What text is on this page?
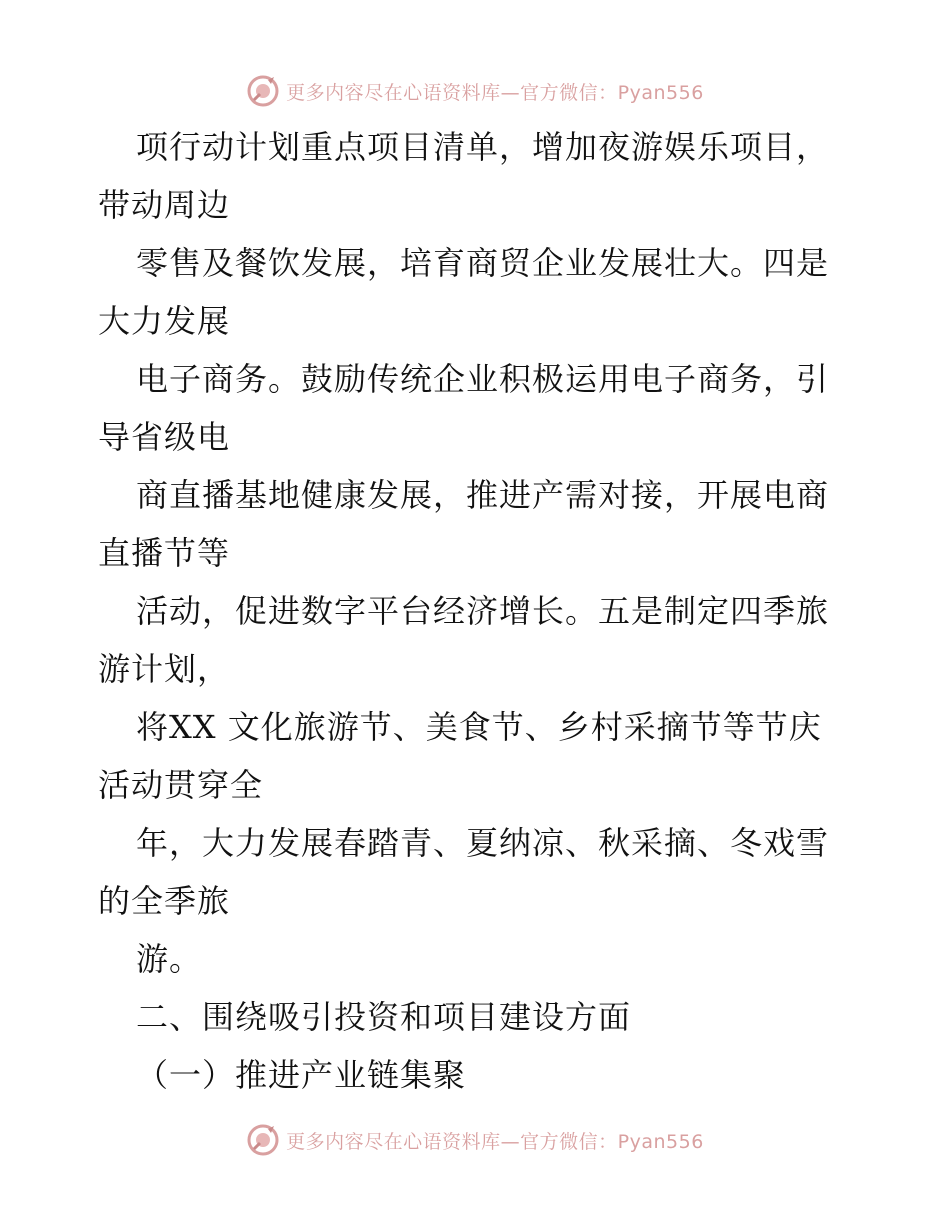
更多内容尽在心语资料库—官方微信：Pyan556
项行动计划重点项目清单，增加夜游娱乐项目，
带动周边
零售及餐饮发展，培育商贸企业发展壮大。四是
大力发展
电子商务。鼓励传统企业积极运用电子商务，引
导省级电
商直播基地健康发展，推进产需对接，开展电商
直播节等
活动，促进数字平台经济增长。五是制定四季旅
游计划，
将XX 文化旅游节、美食节、乡村采摘节等节庆
活动贯穿全
年，大力发展春踏青、夏纳凉、秋采摘、冬戏雪
的全季旅
游。
二、围绕吸引投资和项目建设方面
（一）推进产业链集聚
更多内容尽在心语资料库—官方微信：Pyan556
